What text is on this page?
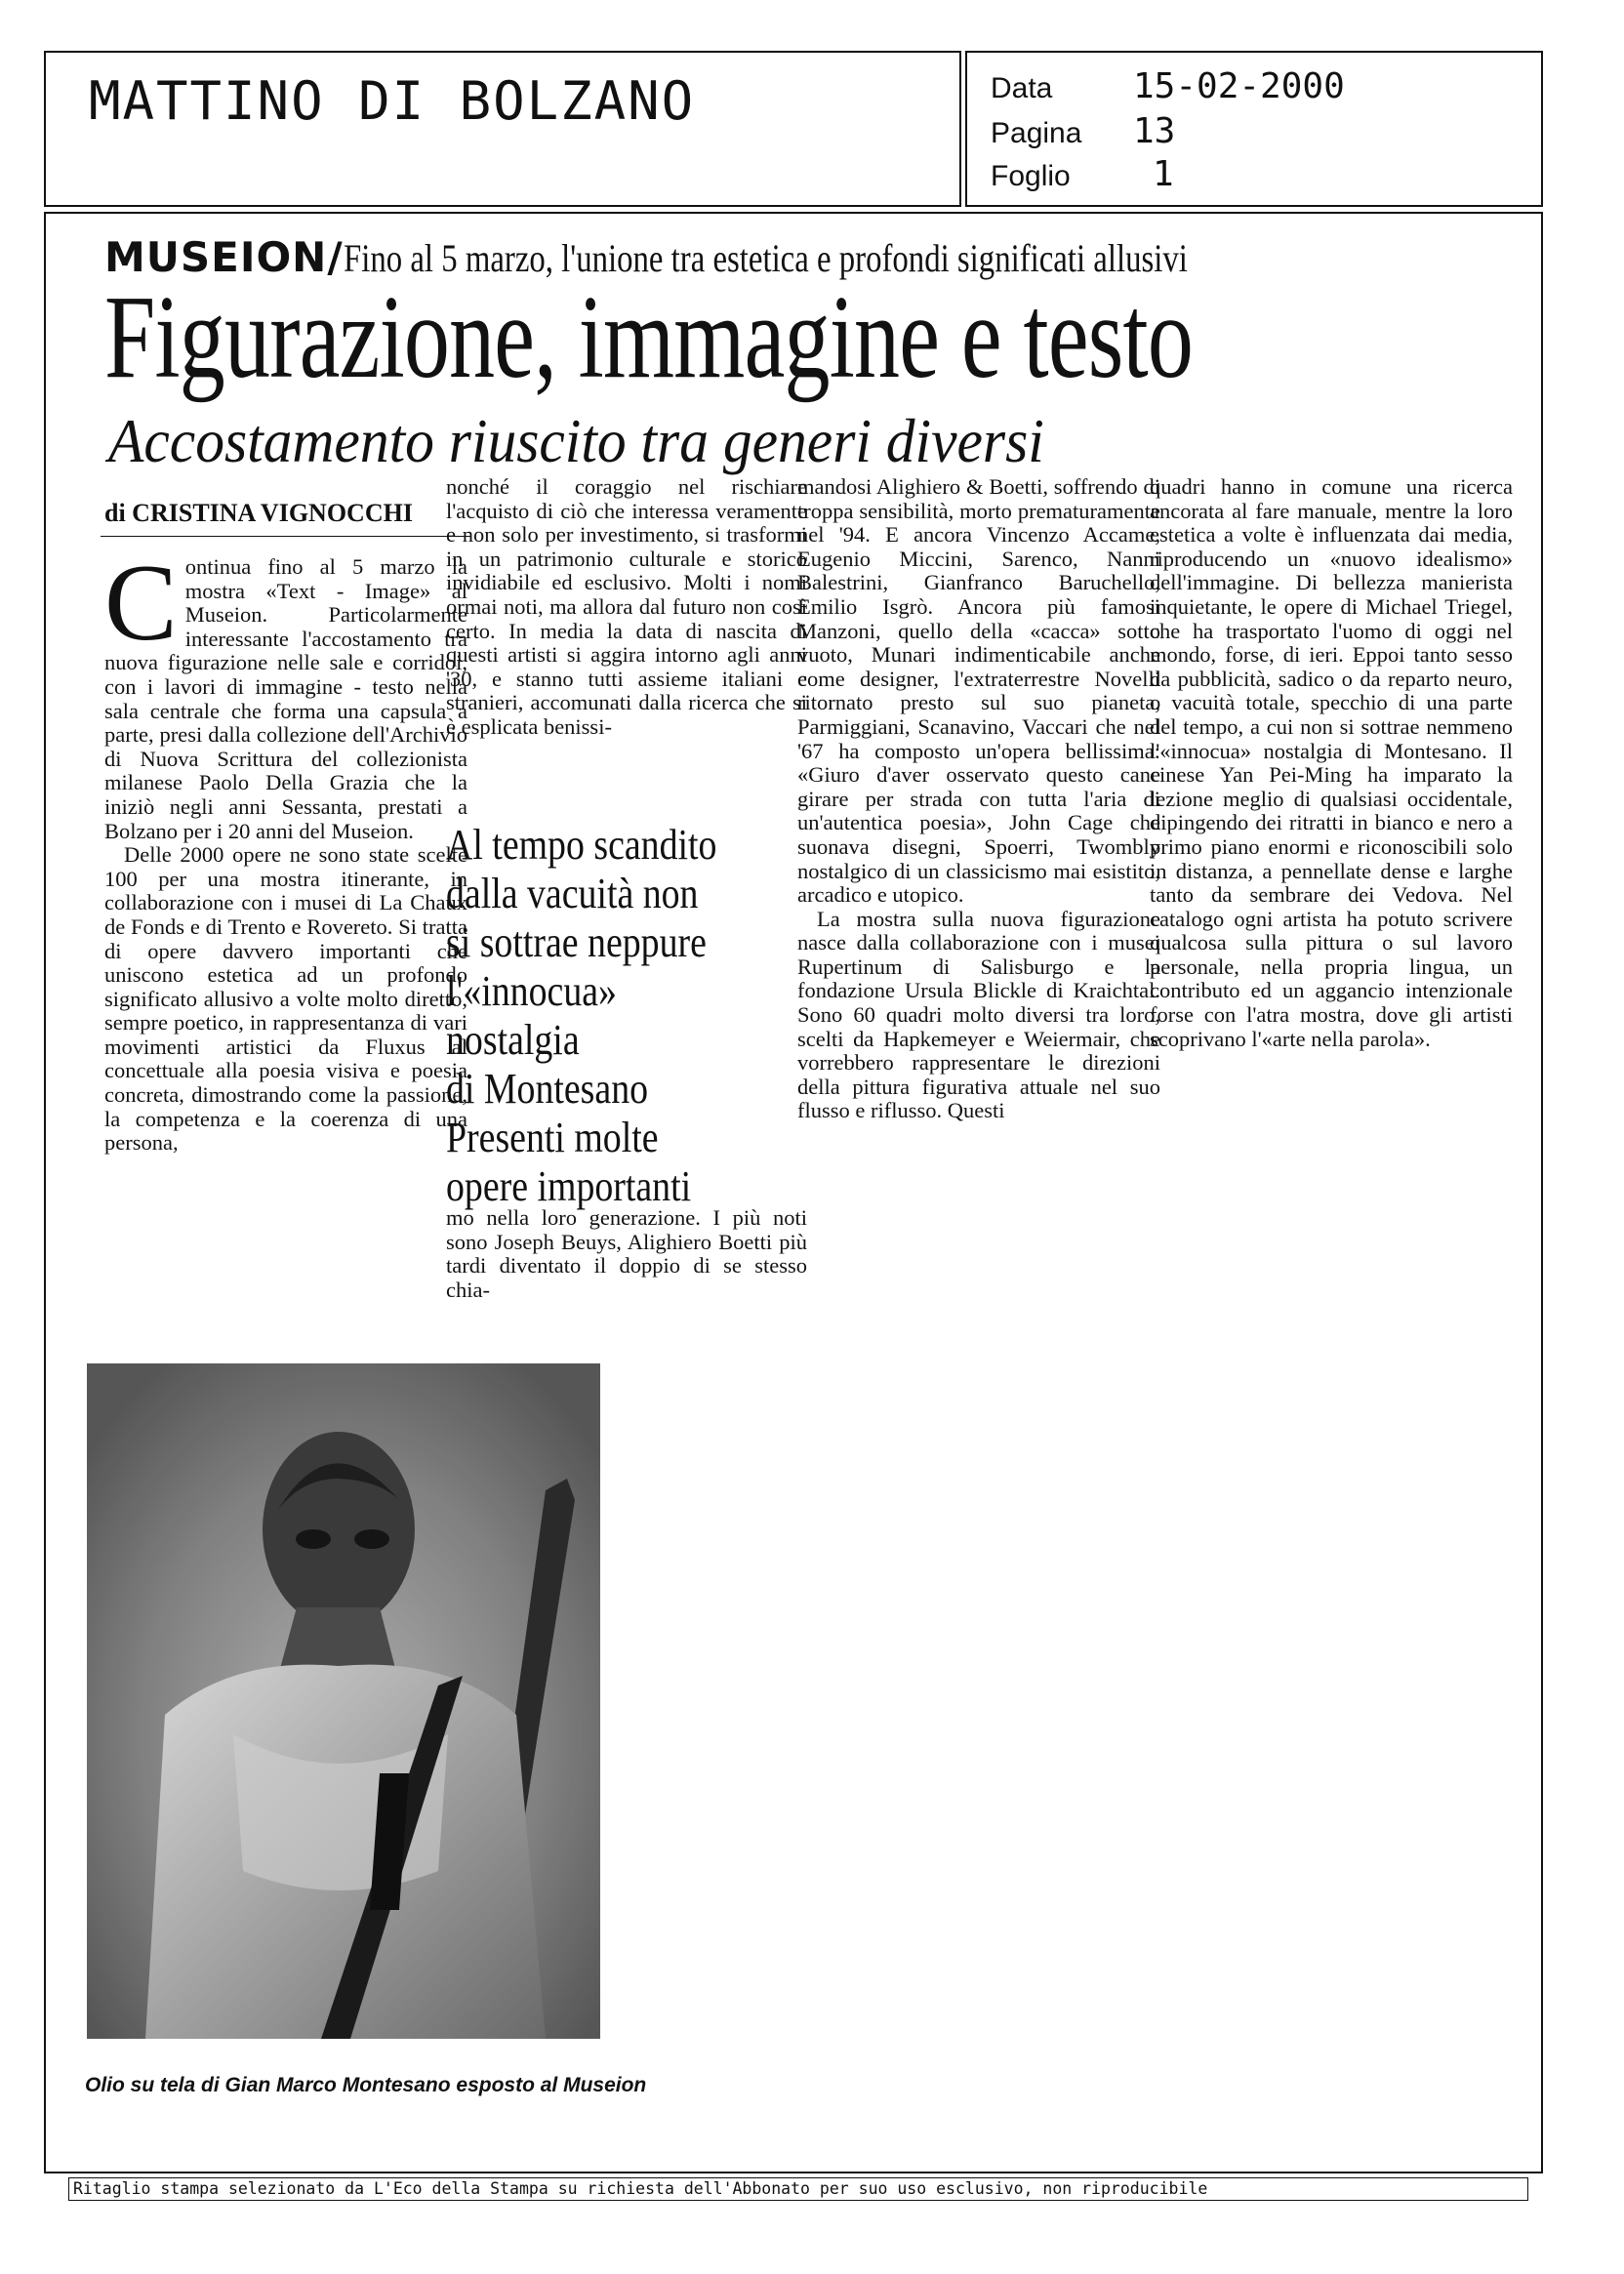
MATTINO DI BOLZANO	Data 15-02-2000
Pagina 13
Foglio 1
MUSEION/Fino al 5 marzo, l'unione tra estetica e profondi significati allusivi
Figurazione, immagine e testo
Accostamento riuscito tra generi diversi
di CRISTINA VIGNOCCHI

Continua fino al 5 marzo la mostra «Text - Image» al Museion. Particolarmente interessante l'accostamento tra nuova figurazione nelle sale e corridoi, con i lavori di immagine - testo nella sala centrale che forma una capsula a parte, presi dalla collezione dell'Archivio di Nuova Scrittura del collezionista milanese Paolo Della Grazia che la iniziò negli anni Sessanta, prestati a Bolzano per i 20 anni del Museion.

Delle 2000 opere ne sono state scelte 100 per una mostra itinerante, in collaborazione con i musei di La Chaux de Fonds e di Trento e Rovereto. Si tratta di opere davvero importanti che uniscono estetica ad un profondo significato allusivo a volte molto diretto, sempre poetico, in rappresentanza di vari movimenti artistici da Fluxus al concettuale alla poesia visiva e poesia concreta, dimostrando come la passione, la competenza e la coerenza di una persona,

nonché il coraggio nel rischiare l'acquisto di ciò che interessa veramente e non solo per investimento, si trasformi in un patrimonio culturale e storico invidiabile ed esclusivo. Molti i nomi ormai noti, ma allora dal futuro non così certo. In media la data di nascita di questi artisti si aggira intorno agli anni '30, e stanno tutti assieme italiani e stranieri, accomunati dalla ricerca che si è esplicata benissi-

Al tempo scandito
dalla vacuità non
si sottrae neppure
l'«innocua»
nostalgia
di Montesano
Presenti molte
opere importanti
mo nella loro generazione. I più noti sono Joseph Beuys, Alighiero Boetti più tardi diventato il doppio di se stesso chia-

mandosi Alighiero & Boetti, soffrendo di troppa sensibilità, morto prematuramente nel '94. E ancora Vincenzo Accame, Eugenio Miccini, Sarenco, Nanni Balestrini, Gianfranco Baruchello, Emilio Isgrò. Ancora più famosi Manzoni, quello della «cacca» sotto vuoto, Munari indimenticabile anche come designer, l'extraterrestre Novelli ritornato presto sul suo pianeta, Parmiggiani, Scanavino, Vaccari che nel '67 ha composto un'opera bellissima: «Giuro d'aver osservato questo cane girare per strada con tutta l'aria di un'autentica poesia», John Cage che suonava disegni, Spoerri, Twombly nostalgico di un classicismo mai esistito, arcadico e utopico.

La mostra sulla nuova figurazione nasce dalla collaborazione con i musei Rupertinum di Salisburgo e la fondazione Ursula Blickle di Kraichtal. Sono 60 quadri molto diversi tra loro, scelti da Hapkemeyer e Weiermair, che vorrebbero rappresentare le direzioni della pittura figurativa attuale nel suo flusso e riflusso. Questi

quadri hanno in comune una ricerca ancorata al fare manuale, mentre la loro estetica a volte è influenzata dai media, riproducendo un «nuovo idealismo» dell'immagine. Di bellezza manierista inquietante, le opere di Michael Triegel, che ha trasportato l'uomo di oggi nel mondo, forse, di ieri. Eppoi tanto sesso da pubblicità, sadico o da reparto neuro, o vacuità totale, specchio di una parte del tempo, a cui non si sottrae nemmeno l'«innocua» nostalgia di Montesano. Il cinese Yan Pei-Ming ha imparato la lezione meglio di qualsiasi occidentale, dipingendo dei ritratti in bianco e nero a primo piano enormi e riconoscibili solo in distanza, a pennellate dense e larghe tanto da sembrare dei Vedova. Nel catalogo ogni artista ha potuto scrivere qualcosa sulla pittura o sul lavoro personale, nella propria lingua, un contributo ed un aggancio intenzionale forse con l'atra mostra, dove gli artisti scoprivano l'«arte nella parola».

Olio su tela di Gian Marco Montesano esposto al Museion
Ritaglio stampa selezionato da L'Eco della Stampa su richiesta dell'Abbonato per suo uso esclusivo, non riproducibile
